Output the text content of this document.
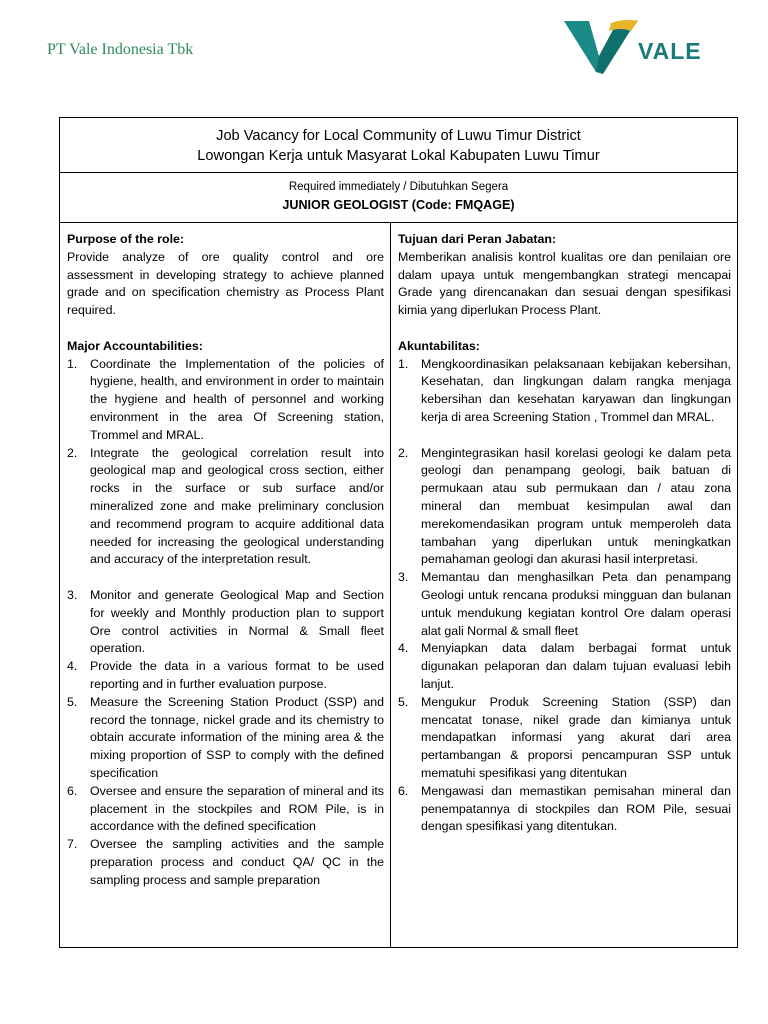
PT Vale Indonesia Tbk	VALE
Job Vacancy for Local Community of Luwu Timur District
Lowongan Kerja untuk Masyarat Lokal Kabupaten Luwu Timur
Required immediately / Dibutuhkan Segera
JUNIOR GEOLOGIST (Code: FMQAGE)
Purpose of the role:
Provide analyze of ore quality control and ore assessment in developing strategy to achieve planned grade and on specification chemistry as Process Plant required.
Major Accountabilities:
1. Coordinate the Implementation of the policies of hygiene, health, and environment in order to maintain the hygiene and health of personnel and working environment in the area Of Screening station, Trommel and MRAL.
2. Integrate the geological correlation result into geological map and geological cross section, either rocks in the surface or sub surface and/or mineralized zone and make preliminary conclusion and recommend program to acquire additional data needed for increasing the geological understanding and accuracy of the interpretation result.
3. Monitor and generate Geological Map and Section for weekly and Monthly production plan to support Ore control activities in Normal & Small fleet operation.
4. Provide the data in a various format to be used reporting and in further evaluation purpose.
5. Measure the Screening Station Product (SSP) and record the tonnage, nickel grade and its chemistry to obtain accurate information of the mining area & the mixing proportion of SSP to comply with the defined specification
6. Oversee and ensure the separation of mineral and its placement in the stockpiles and ROM Pile, is in accordance with the defined specification
7. Oversee the sampling activities and the sample preparation process and conduct QA/ QC in the sampling process and sample preparation
Tujuan dari Peran Jabatan:
Memberikan analisis kontrol kualitas ore dan penilaian ore dalam upaya untuk mengembangkan strategi mencapai Grade yang direncanakan dan sesuai dengan spesifikasi kimia yang diperlukan Process Plant.
Akuntabilitas:
1. Mengkoordinasikan pelaksanaan kebijakan kebersihan, Kesehatan, dan lingkungan dalam rangka menjaga kebersihan dan kesehatan karyawan dan lingkungan kerja di area Screening Station , Trommel dan MRAL.
2. Mengintegrasikan hasil korelasi geologi ke dalam peta geologi dan penampang geologi, baik batuan di permukaan atau sub permukaan dan / atau zona mineral dan membuat kesimpulan awal dan merekomendasikan program untuk memperoleh data tambahan yang diperlukan untuk meningkatkan pemahaman geologi dan akurasi hasil interpretasi.
3. Memantau dan menghasilkan Peta dan penampang Geologi untuk rencana produksi mingguan dan bulanan untuk mendukung kegiatan kontrol Ore dalam operasi alat gali Normal & small fleet
4. Menyiapkan data dalam berbagai format untuk digunakan pelaporan dan dalam tujuan evaluasi lebih lanjut.
5. Mengukur Produk Screening Station (SSP) dan mencatat tonase, nikel grade dan kimianya untuk mendapatkan informasi yang akurat dari area pertambangan & proporsi pencampuran SSP untuk mematuhi spesifikasi yang ditentukan
6. Mengawasi dan memastikan pemisahan mineral dan penempatannya di stockpiles dan ROM Pile, sesuai dengan spesifikasi yang ditentukan.
